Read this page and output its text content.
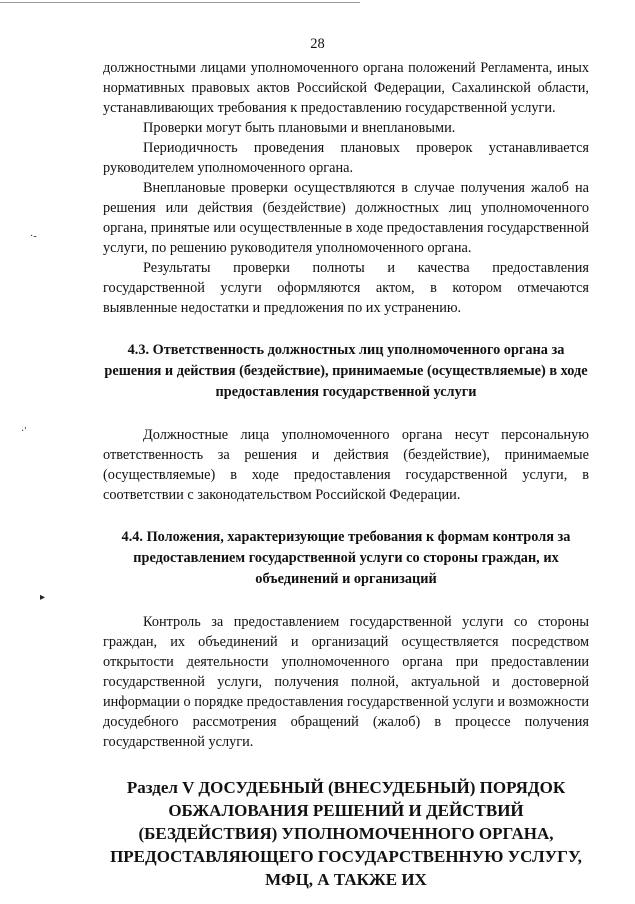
28
·‑
·'
▸

должностными лицами уполномоченного органа положений Регламента, иных нормативных правовых актов Российской Федерации, Сахалинской области, устанавливающих требования к предоставлению государственной услуги.

Проверки могут быть плановыми и внеплановыми.

Периодичность проведения плановых проверок устанавливается руководителем уполномоченного органа.

Внеплановые проверки осуществляются в случае получения жалоб на решения или действия (бездействие) должностных лиц уполномоченного органа, принятые или осуществленные в ходе предоставления государственной услуги, по решению руководителя уполномоченного органа.

Результаты проверки полноты и качества предоставления государственной услуги оформляются актом, в котором отмечаются выявленные недостатки и предложения по их устранению.

4.3. Ответственность должностных лиц уполномоченного органа за решения и действия (бездействие), принимаемые (осуществляемые) в ходе предоставления государственной услуги

Должностные лица уполномоченного органа несут персональную ответственность за решения и действия (бездействие), принимаемые (осуществляемые) в ходе предоставления государственной услуги, в соответствии с законодательством Российской Федерации.

4.4. Положения, характеризующие требования к формам контроля за предоставлением государственной услуги со стороны граждан, их объединений и организаций

Контроль за предоставлением государственной услуги со стороны граждан, их объединений и организаций осуществляется посредством открытости деятельности уполномоченного органа при предоставлении государственной услуги, получения полной, актуальной и достоверной информации о порядке предоставления государственной услуги и возможности досудебного рассмотрения обращений (жалоб) в процессе получения государственной услуги.

Раздел V ДОСУДЕБНЫЙ (ВНЕСУДЕБНЫЙ) ПОРЯДОК ОБЖАЛОВАНИЯ РЕШЕНИЙ И ДЕЙСТВИЙ (БЕЗДЕЙСТВИЯ) УПОЛНОМОЧЕННОГО ОРГАНА, ПРЕДОСТАВЛЯЮЩЕГО ГОСУДАРСТВЕННУЮ УСЛУГУ, МФЦ, А ТАКЖЕ ИХ
